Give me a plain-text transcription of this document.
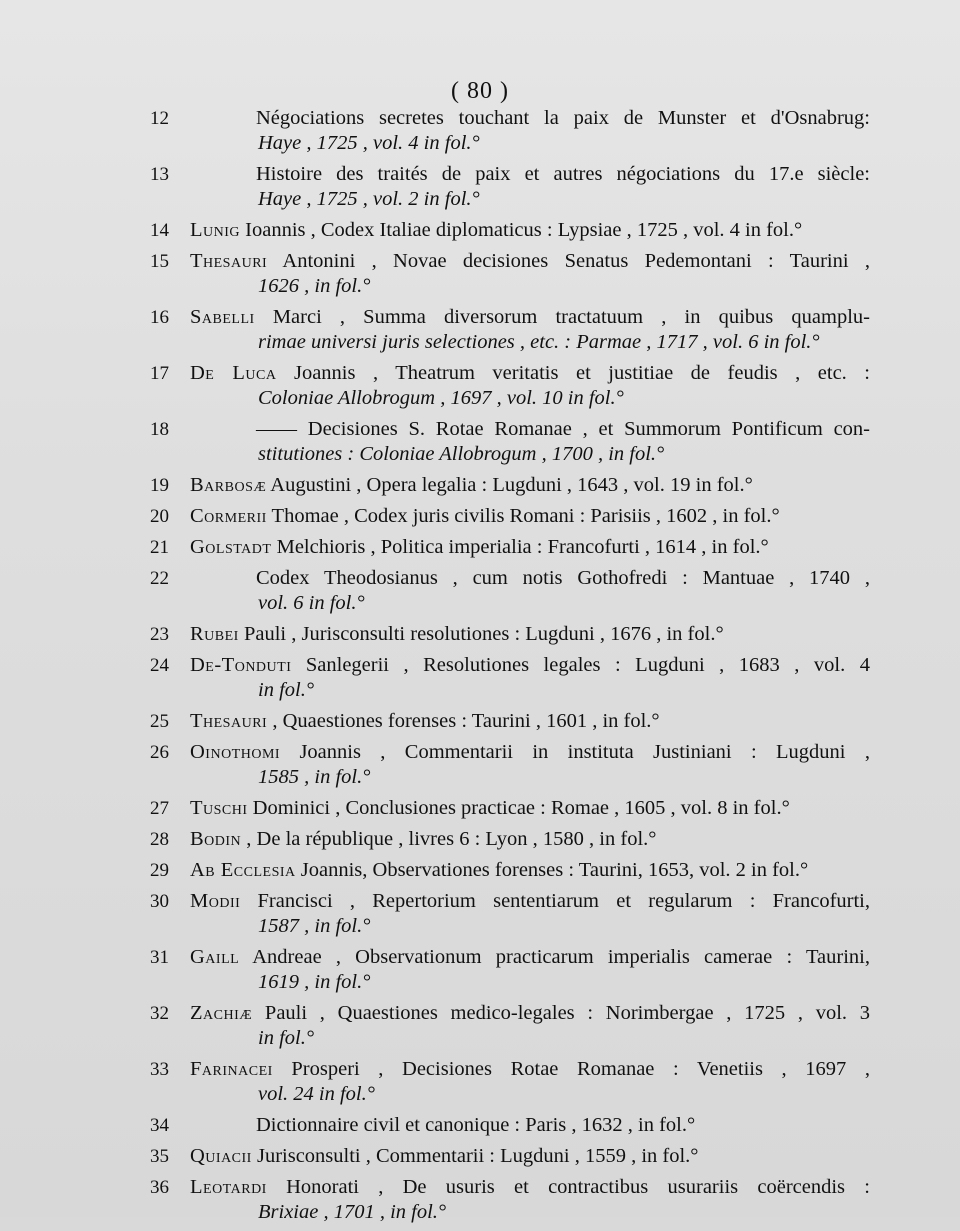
( 80 )
12	Négociations secretes touchant la paix de Munster et d'Osnabrug:
Haye , 1725 , vol. 4 in fol.°
13	Histoire des traités de paix et autres négociations du 17.e siècle:
Haye , 1725 , vol. 2 in fol.°
14	Lunig Ioannis , Codex Italiae diplomaticus : Lypsiae , 1725 , vol. 4 in fol.°
15	Thesauri Antonini , Novae decisiones Senatus Pedemontani : Taurini ,
1626 , in fol.°
16	Sabelli Marci , Summa diversorum tractatuum , in quibus quamplu-
rimae universi juris selectiones , etc. : Parmae , 1717 , vol. 6 in fol.°
17	De Luca Joannis , Theatrum veritatis et justitiae de feudis , etc. :
Coloniae Allobrogum , 1697 , vol. 10 in fol.°
18	—— Decisiones S. Rotae Romanae , et Summorum Pontificum con-
stitutiones : Coloniae Allobrogum , 1700 , in fol.°
19	Barbosæ Augustini , Opera legalia : Lugduni , 1643 , vol. 19 in fol.°
20	Cormerii Thomae , Codex juris civilis Romani : Parisiis , 1602 , in fol.°
21	Golstadt Melchioris , Politica imperialia : Francofurti , 1614 , in fol.°
22	Codex Theodosianus , cum notis Gothofredi : Mantuae , 1740 ,
vol. 6 in fol.°
23	Rubei Pauli , Jurisconsulti resolutiones : Lugduni , 1676 , in fol.°
24	De-Tonduti Sanlegerii , Resolutiones legales : Lugduni , 1683 , vol. 4
in fol.°
25	Thesauri , Quaestiones forenses : Taurini , 1601 , in fol.°
26	Oinothomi Joannis , Commentarii in instituta Justiniani : Lugduni ,
1585 , in fol.°
27	Tuschi Dominici , Conclusiones practicae : Romae , 1605 , vol. 8 in fol.°
28	Bodin , De la république , livres 6 : Lyon , 1580 , in fol.°
29	Ab Ecclesia Joannis, Observationes forenses : Taurini, 1653, vol. 2 in fol.°
30	Modii Francisci , Repertorium sententiarum et regularum : Francofurti,
1587 , in fol.°
31	Gaill Andreae , Observationum practicarum imperialis camerae : Taurini,
1619 , in fol.°
32	Zachiæ Pauli , Quaestiones medico-legales : Norimbergae , 1725 , vol. 3
in fol.°
33	Farinacei Prosperi , Decisiones Rotae Romanae : Venetiis , 1697 ,
vol. 24 in fol.°
34	Dictionnaire civil et canonique : Paris , 1632 , in fol.°
35	Quiacii Jurisconsulti , Commentarii : Lugduni , 1559 , in fol.°
36	Leotardi Honorati , De usuris et contractibus usurariis coërcendis :
Brixiae , 1701 , in fol.°
